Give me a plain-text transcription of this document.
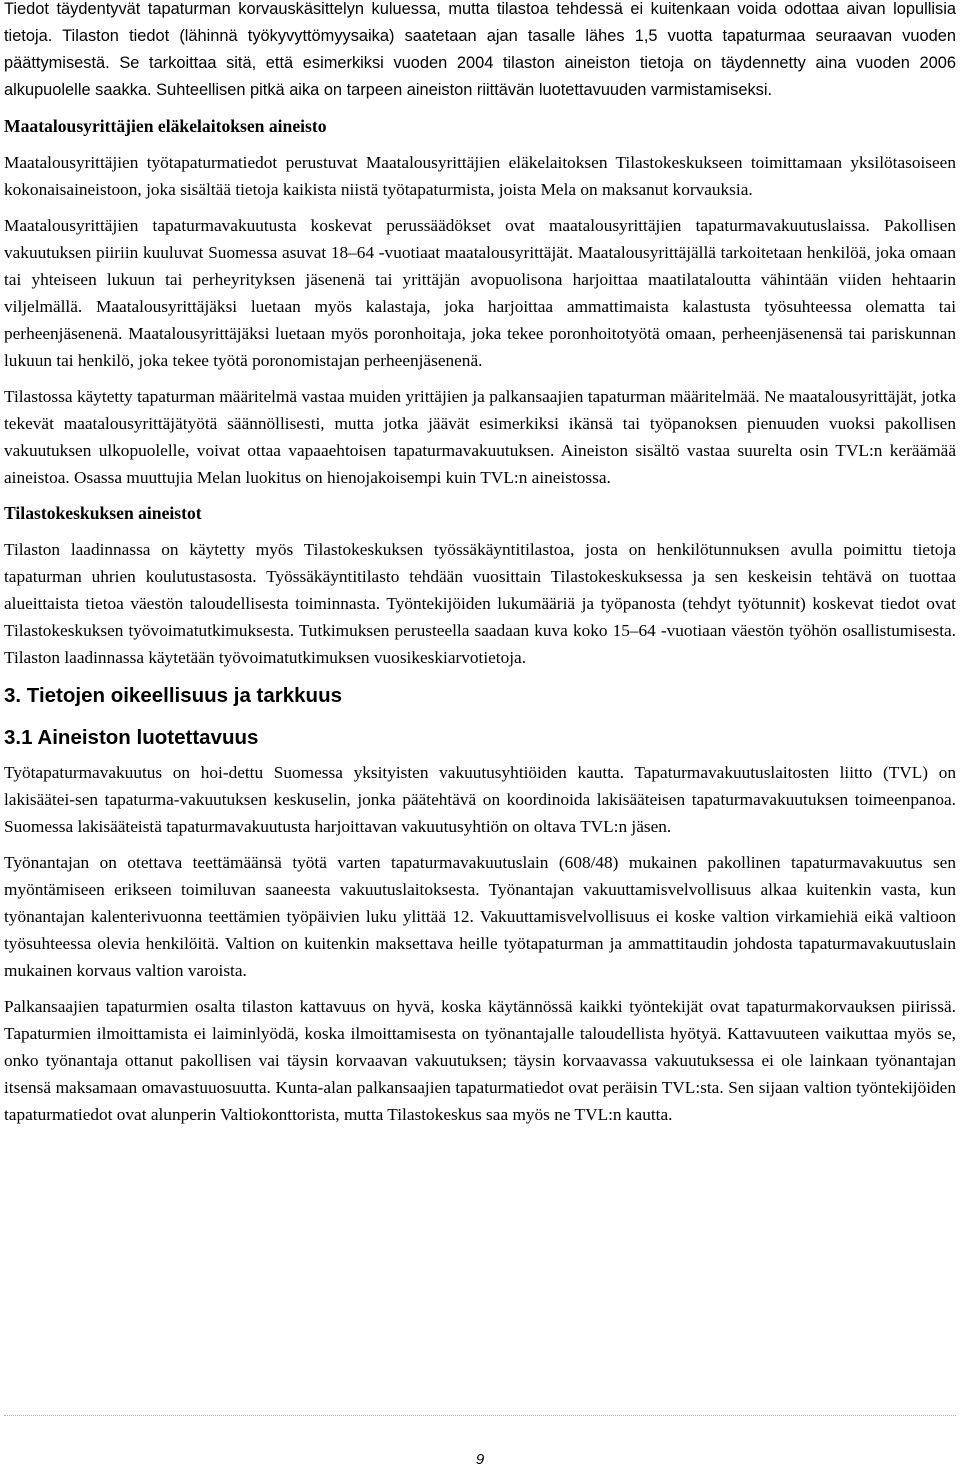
Tiedot täydentyvät tapaturman korvauskäsittelyn kuluessa, mutta tilastoa tehdessä ei kuitenkaan voida odottaa aivan lopullisia tietoja. Tilaston tiedot (lähinnä työkyvyttömyysaika) saatetaan ajan tasalle lähes 1,5 vuotta tapaturmaa seuraavan vuoden päättymisestä. Se tarkoittaa sitä, että esimerkiksi vuoden 2004 tilaston aineiston tietoja on täydennetty aina vuoden 2006 alkupuolelle saakka. Suhteellisen pitkä aika on tarpeen aineiston riittävän luotettavuuden varmistamiseksi.

Maatalousyrittäjien eläkelaitoksen aineisto

Maatalousyrittäjien työtapaturmatiedot perustuvat Maatalousyrittäjien eläkelaitoksen Tilastokeskukseen toimittamaan yksilötasoiseen kokonaisaineistoon, joka sisältää tietoja kaikista niistä työtapaturmista, joista Mela on maksanut korvauksia.

Maatalousyrittäjien tapaturmavakuutusta koskevat perussäädökset ovat maatalousyrittäjien tapaturmavakuutuslaissa. Pakollisen vakuutuksen piiriin kuuluvat Suomessa asuvat 18–64 -vuotiaat maatalousyrittäjät. Maatalousyrittäjällä tarkoitetaan henkilöä, joka omaan tai yhteiseen lukuun tai perheyrityksen jäsenenä tai yrittäjän avopuolisona harjoittaa maatilataloutta vähintään viiden hehtaarin viljelmällä. Maatalousyrittäjäksi luetaan myös kalastaja, joka harjoittaa ammattimaista kalastusta työsuhteessa olematta tai perheenjäsenenä. Maatalousyrittäjäksi luetaan myös poronhoitaja, joka tekee poronhoitotyötä omaan, perheenjäsenensä tai pariskunnan lukuun tai henkilö, joka tekee työtä poronomistajan perheenjäsenenä.

Tilastossa käytetty tapaturman määritelmä vastaa muiden yrittäjien ja palkansaajien tapaturman määritelmää. Ne maatalousyrittäjät, jotka tekevät maatalousyrittäjätyötä säännöllisesti, mutta jotka jäävät esimerkiksi ikänsä tai työpanoksen pienuuden vuoksi pakollisen vakuutuksen ulkopuolelle, voivat ottaa vapaaehtoisen tapaturmavakuutuksen. Aineiston sisältö vastaa suurelta osin TVL:n keräämää aineistoa. Osassa muuttujia Melan luokitus on hienojakoisempi kuin TVL:n aineistossa.

Tilastokeskuksen aineistot

Tilaston laadinnassa on käytetty myös Tilastokeskuksen työssäkäyntitilastoa, josta on henkilötunnuksen avulla poimittu tietoja tapaturman uhrien koulutustasosta. Työssäkäyntitilasto tehdään vuosittain Tilastokeskuksessa ja sen keskeisin tehtävä on tuottaa alueittaista tietoa väestön taloudellisesta toiminnasta. Työntekijöiden lukumääriä ja työpanosta (tehdyt työtunnit) koskevat tiedot ovat Tilastokeskuksen työvoimatutkimuksesta. Tutkimuksen perusteella saadaan kuva koko 15–64 -vuotiaan väestön työhön osallistumisesta. Tilaston laadinnassa käytetään työvoimatutkimuksen vuosikeskiarvotietoja.

3. Tietojen oikeellisuus ja tarkkuus
3.1 Aineiston luotettavuus

Työtapaturmavakuutus on hoi-dettu Suomessa yksityisten vakuutusyhtiöiden kautta. Tapaturmavakuutuslaitosten liitto (TVL) on lakisäätei-sen tapaturma-vakuutuksen keskuselin, jonka päätehtävä on koordinoida lakisääteisen tapaturmavakuutuksen toimeenpanoa. Suomessa lakisääteistä tapaturmavakuutusta harjoittavan vakuutusyhtiön on oltava TVL:n jäsen.

Työnantajan on otettava teettämäänsä työtä varten tapaturmavakuutuslain (608/48) mukainen pakollinen tapaturmavakuutus sen myöntämiseen erikseen toimiluvan saaneesta vakuutuslaitoksesta. Työnantajan vakuuttamisvelvollisuus alkaa kuitenkin vasta, kun työnantajan kalenterivuonna teettämien työpäivien luku ylittää 12. Vakuuttamisvelvollisuus ei koske valtion virkamiehiä eikä valtioon työsuhteessa olevia henkilöitä. Valtion on kuitenkin maksettava heille työtapaturman ja ammattitaudin johdosta tapaturmavakuutuslain mukainen korvaus valtion varoista.

Palkansaajien tapaturmien osalta tilaston kattavuus on hyvä, koska käytännössä kaikki työntekijät ovat tapaturmakorvauksen piirissä. Tapaturmien ilmoittamista ei laiminlyödä, koska ilmoittamisesta on työnantajalle taloudellista hyötyä. Kattavuuteen vaikuttaa myös se, onko työnantaja ottanut pakollisen vai täysin korvaavan vakuutuksen; täysin korvaavassa vakuutuksessa ei ole lainkaan työnantajan itsensä maksamaan omavastuuosuutta. Kunta-alan palkansaajien tapaturmatiedot ovat peräisin TVL:sta. Sen sijaan valtion työntekijöiden tapaturmatiedot ovat alunperin Valtiokonttorista, mutta Tilastokeskus saa myös ne TVL:n kautta.

9
